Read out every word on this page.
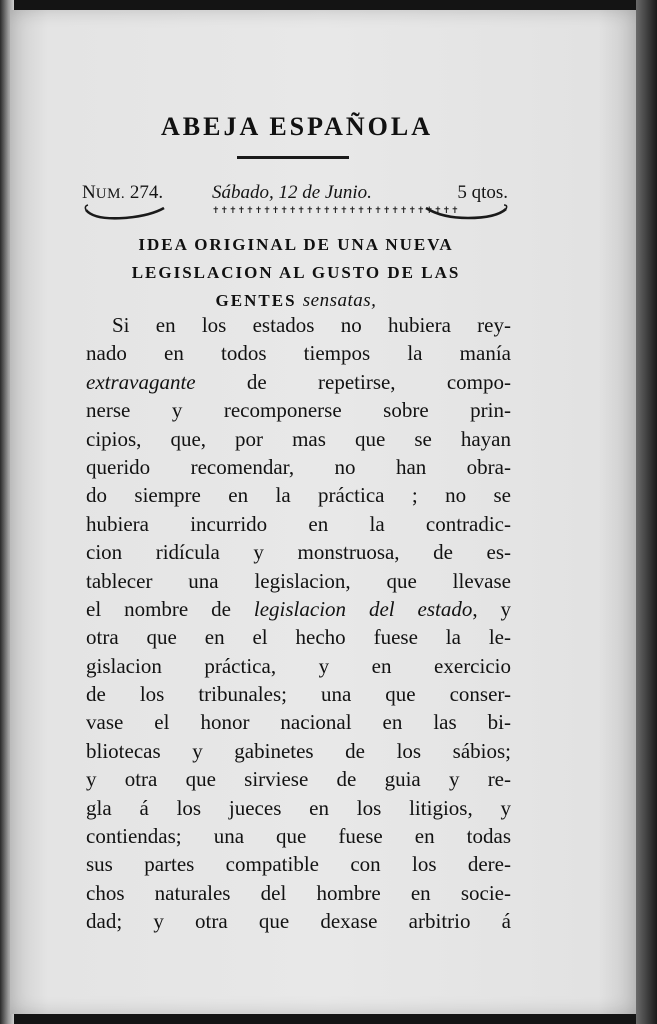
ABEJA ESPAÑOLA
NUM. 274.	Sábado, 12 de Junio.	5 qtos.
✝✝✝✝✝✝✝✝✝✝✝✝✝✝✝✝✝✝✝✝✝✝✝✝✝✝✝✝✝
IDEA ORIGINAL DE UNA NUEVA
LEGISLACION AL GUSTO DE LAS
GENTES sensatas,
Si en los estados no hubiera rey-
nado en todos tiempos la manía
extravagante de repetirse, compo-
nerse y recomponerse sobre prin-
cipios, que, por mas que se hayan
querido recomendar, no han obra-
do siempre en la práctica ; no se
hubiera incurrido en la contradic-
cion ridícula y monstruosa, de es-
tablecer una legislacion, que llevase
el nombre de legislacion del estado, y
otra que en el hecho fuese la le-
gislacion práctica, y en exercicio
de los tribunales; una que conser-
vase el honor nacional en las bi-
bliotecas y gabinetes de los sábios;
y otra que sirviese de guia y re-
gla á los jueces en los litigios, y
contiendas; una que fuese en todas
sus partes compatible con los dere-
chos naturales del hombre en socie-
dad; y otra que dexase arbitrio á
